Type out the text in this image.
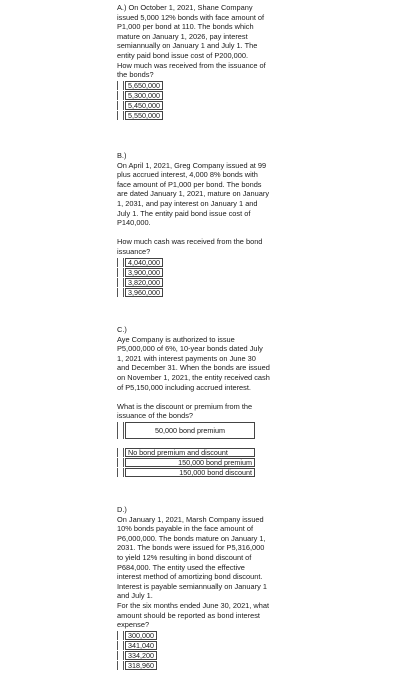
A.) On October 1, 2021, Shane Company

issued 5,000 12% bonds with face amount of

P1,000 per bond at 110. The bonds which

mature on January 1, 2026, pay interest

semiannually on January 1 and July 1. The

entity paid bond issue cost of P200,000.

How much was received from the issuance of

the bonds?

5,650,000
5,300,000
5,450,000
5,550,000

B.)

On April 1, 2021, Greg Company issued at 99

plus accrued interest, 4,000 8% bonds with

face amount of P1,000 per bond. The bonds

are dated January 1, 2021, mature on January

1, 2031, and pay interest on January 1 and

July 1. The entity paid bond issue cost of

P140,000.

How much cash was received from the bond

issuance?

4,040,000
3,900,000
3,820,000
3,960,000

C.)

Aye Company is authorized to issue

P5,000,000 of 6%, 10-year bonds dated July

1, 2021 with interest payments on June 30

and December 31. When the bonds are issued

on November 1, 2021, the entity received cash

of P5,150,000 including accrued interest.

What is the discount or premium from the

issuance of the bonds?

50,000 bond premium
No bond premium and discount
150,000 bond premium
150,000 bond discount

D.)

On January 1, 2021, Marsh Company issued

10% bonds payable in the face amount of

P6,000,000. The bonds mature on January 1,

2031. The bonds were issued for P5,316,000

to yield 12% resulting in bond discount of

P684,000. The entity used the effective

interest method of amortizing bond discount.

Interest is payable semiannually on January 1

and July 1.

For the six months ended June 30, 2021, what

amount should be reported as bond interest

expense?

300,000
341,040
334,200
318,960
